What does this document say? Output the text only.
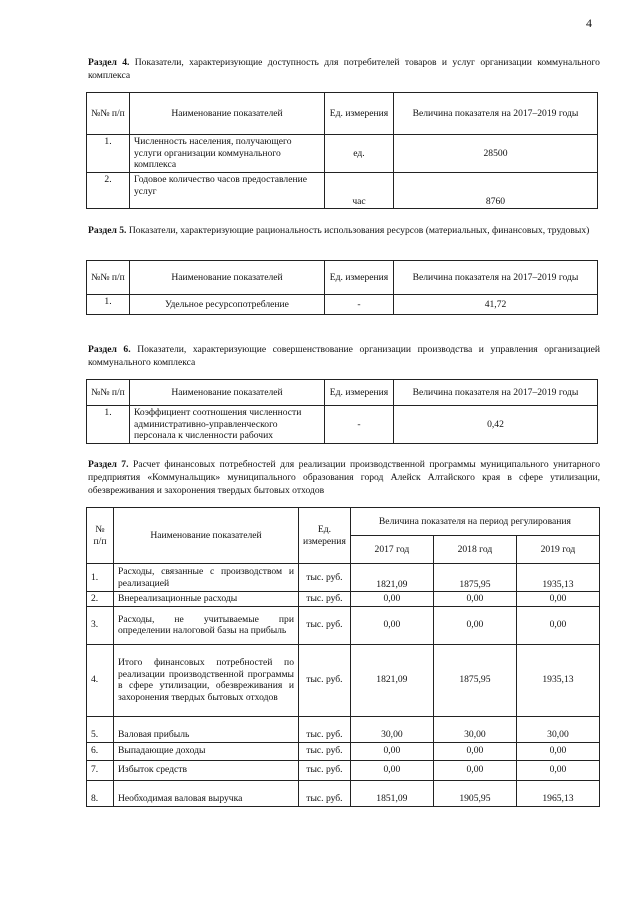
4
Раздел 4. Показатели, характеризующие доступность для потребителей товаров и услуг организации коммунального комплекса
№№ п/п	Наименование показателей	Ед. измерения	Величина показателя на 2017–2019 годы
1.	Численность населения, получающего услуги организации коммунального комплекса	ед.	28500
2.	Годовое количество часов предоставление услуг	час	8760
Раздел 5. Показатели, характеризующие рациональность использования ресурсов (материальных, финансовых, трудовых)
№№ п/п	Наименование показателей	Ед. измерения	Величина показателя на 2017–2019 годы
1.	Удельное ресурсопотребление	-	41,72
Раздел 6. Показатели, характеризующие совершенствование организации производства и управления организацией коммунального комплекса
№№ п/п	Наименование показателей	Ед. измерения	Величина показателя на 2017–2019 годы
1.	Коэффициент соотношения численности административно-управленческого персонала к численности рабочих	-	0,42
Раздел 7. Расчет финансовых потребностей для реализации производственной программы муниципального унитарного предприятия «Коммунальщик» муниципального образования город Алейск Алтайского края в сфере утилизации, обезвреживания и захоронения твердых бытовых отходов
№ п/п	Наименование показателей	Ед. измерения	Величина показателя на период регулирования		
			2017 год	2018 год	2019 год
1.	Расходы, связанные с производством и реализацией	тыс. руб.	1821,09	1875,95	1935,13
2.	Внереализационные расходы	тыс. руб.	0,00	0,00	0,00
3.	Расходы, не учитываемые при определении налоговой базы на прибыль	тыс. руб.	0,00	0,00	0,00
4.	Итого финансовых потребностей по реализации производственной программы в сфере утилизации, обезвреживания и захоронения твердых бытовых отходов	тыс. руб.	1821,09	1875,95	1935,13
5.	Валовая прибыль	тыс. руб.	30,00	30,00	30,00
6.	Выпадающие доходы	тыс. руб.	0,00	0,00	0,00
7.	Избыток средств	тыс. руб.	0,00	0,00	0,00
8.	Необходимая валовая выручка	тыс. руб.	1851,09	1905,95	1965,13
